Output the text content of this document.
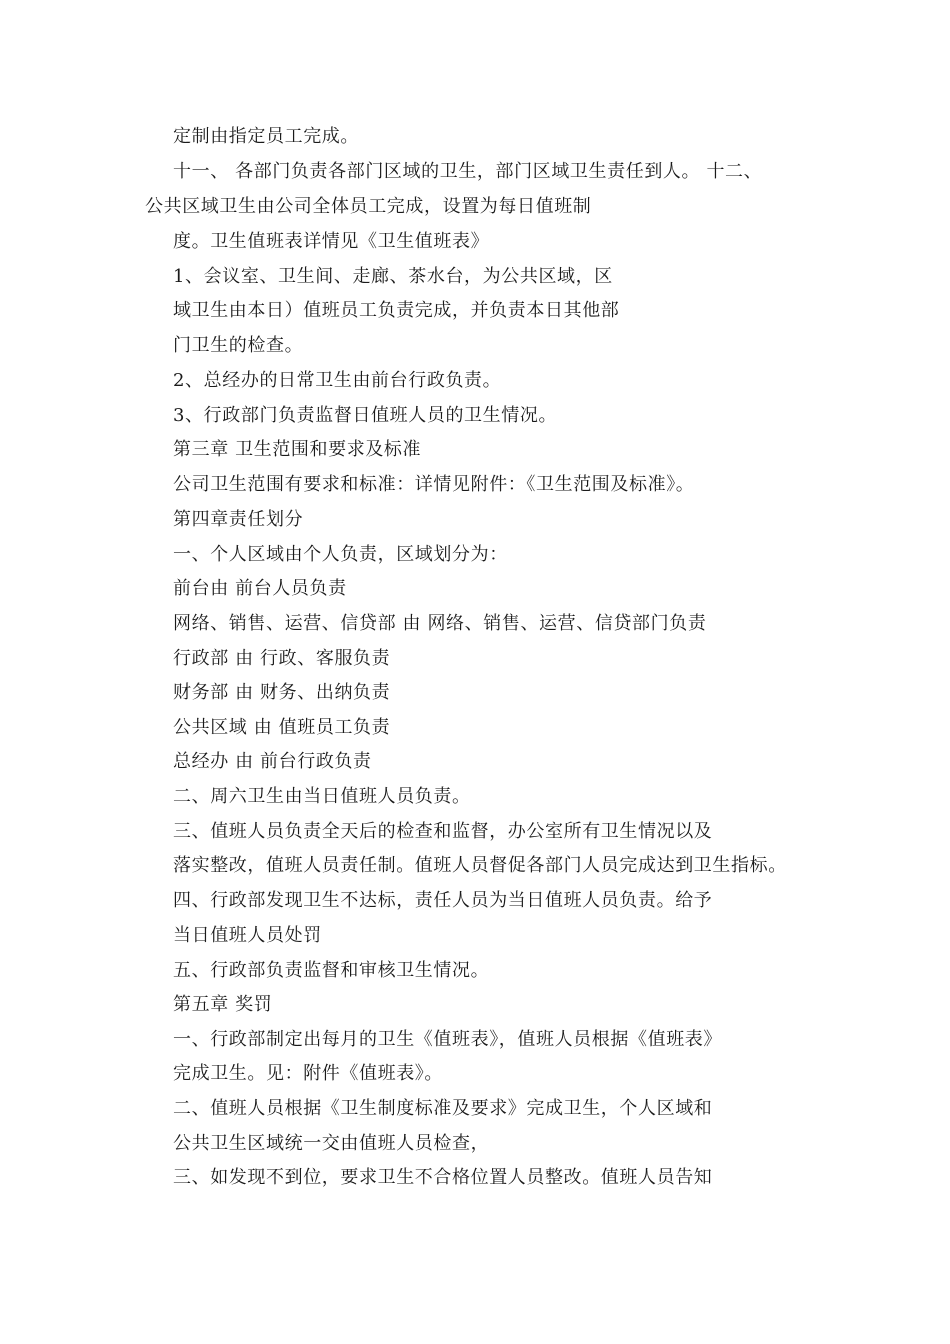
定制由指定员工完成。
十一、 各部门负责各部门区域的卫生，部门区域卫生责任到人。 十二、
公共区域卫生由公司全体员工完成，设置为每日值班制
度。卫生值班表详情见《卫生值班表》
1、会议室、卫生间、走廊、茶水台，为公共区域，区
域卫生由本日）值班员工负责完成，并负责本日其他部
门卫生的检查。
2、总经办的日常卫生由前台行政负责。
3、行政部门负责监督日值班人员的卫生情况。
第三章 卫生范围和要求及标准
公司卫生范围有要求和标准：详情见附件：《卫生范围及标准》。
第四章责任划分
一、个人区域由个人负责，区域划分为：
前台由 前台人员负责
网络、销售、运营、信贷部 由 网络、销售、运营、信贷部门负责
行政部 由 行政、客服负责
财务部 由 财务、出纳负责
公共区域 由 值班员工负责
总经办 由 前台行政负责
二、周六卫生由当日值班人员负责。
三、值班人员负责全天后的检查和监督，办公室所有卫生情况以及
落实整改，值班人员责任制。值班人员督促各部门人员完成达到卫生指标。
四、行政部发现卫生不达标，责任人员为当日值班人员负责。给予
当日值班人员处罚
五、行政部负责监督和审核卫生情况。
第五章 奖罚
一、行政部制定出每月的卫生《值班表》，值班人员根据《值班表》
完成卫生。见：附件《值班表》。
二、值班人员根据《卫生制度标准及要求》完成卫生，个人区域和
公共卫生区域统一交由值班人员检查，
三、如发现不到位，要求卫生不合格位置人员整改。值班人员告知
